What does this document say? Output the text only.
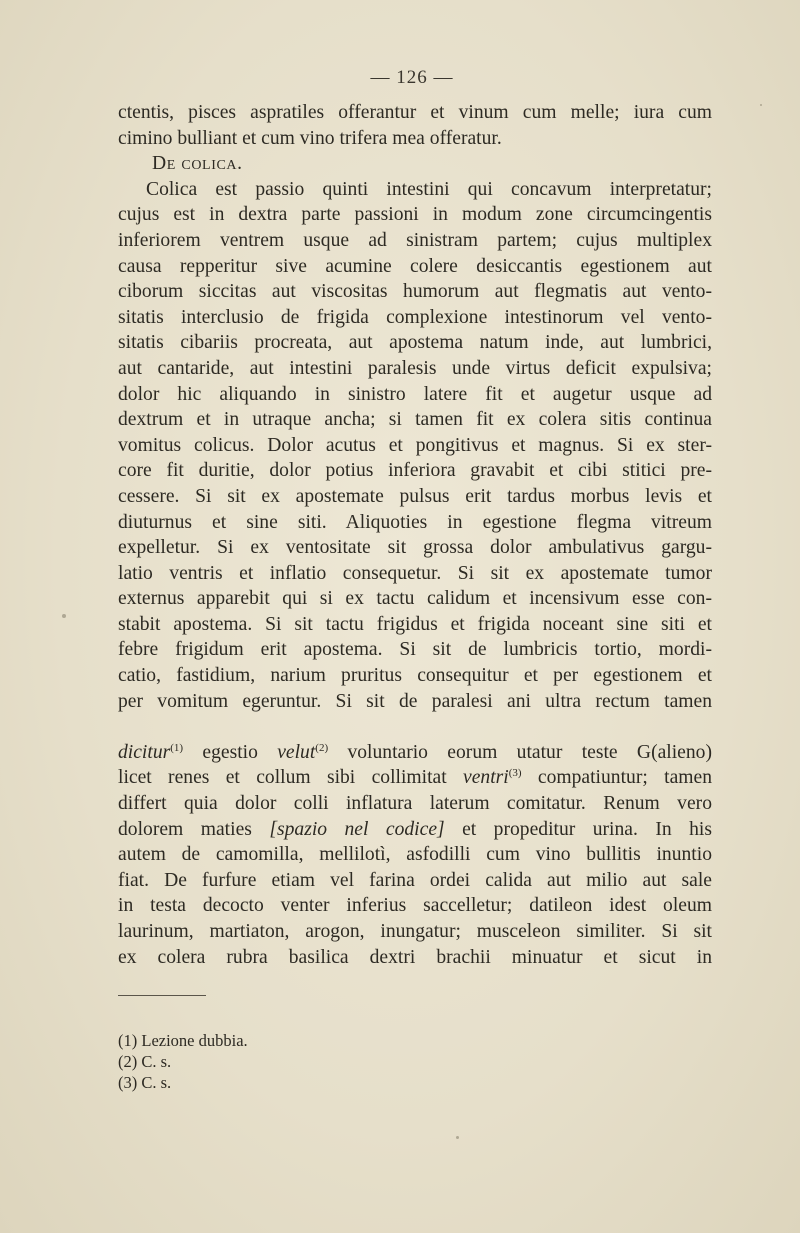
— 126 —
ctentis, pisces aspratiles offerantur et vinum cum melle; iura cum
cimino bulliant et cum vino trifera mea offeratur.
De colica.
Colica est passio quinti intestini qui concavum interpretatur;
cujus est in dextra parte passioni in modum zone circumcingentis
inferiorem ventrem usque ad sinistram partem; cujus multiplex
causa repperitur sive acumine colere desiccantis egestionem aut
ciborum siccitas aut viscositas humorum aut flegmatis aut vento-
sitatis interclusio de frigida complexione intestinorum vel vento-
sitatis cibariis procreata, aut apostema natum inde, aut lumbrici,
aut cantaride, aut intestini paralesis unde virtus deficit expulsiva;
dolor hic aliquando in sinistro latere fit et augetur usque ad
dextrum et in utraque ancha; si tamen fit ex colera sitis continua
vomitus colicus. Dolor acutus et pongitivus et magnus. Si ex ster-
core fit duritie, dolor potius inferiora gravabit et cibi stitici pre-
cessere. Si sit ex apostemate pulsus erit tardus morbus levis et
diuturnus et sine siti. Aliquoties in egestione flegma vitreum
expelletur. Si ex ventositate sit grossa dolor ambulativus gargu-
latio ventris et inflatio consequetur. Si sit ex apostemate tumor
externus apparebit qui si ex tactu calidum et incensivum esse con-
stabit apostema. Si sit tactu frigidus et frigida noceant sine siti et
febre frigidum erit apostema. Si sit de lumbricis tortio, mordi-
catio, fastidium, narium pruritus consequitur et per egestionem et
per vomitum egeruntur. Si sit de paralesi ani ultra rectum tamen
dicitur$^{(1)}$ egestio velut$^{(2)}$ voluntario eorum utatur teste G(alieno)
licet renes et collum sibi collimitat ventri$^{(3)}$ compatiuntur; tamen
differt quia dolor colli inflatura laterum comitatur. Renum vero
dolorem maties [spazio nel codice] et propeditur urina. In his
autem de camomilla, mellilotì, asfodilli cum vino bullitis inuntio
fiat. De furfure etiam vel farina ordei calida aut milio aut sale
in testa decocto venter inferius saccelletur; datileon idest oleum
laurinum, martiaton, arogon, inungatur; musceleon similiter. Si sit
ex colera rubra basilica dextri brachii minuatur et sicut in
(1) Lezione dubbia.
(2) C. s.
(3) C. s.
